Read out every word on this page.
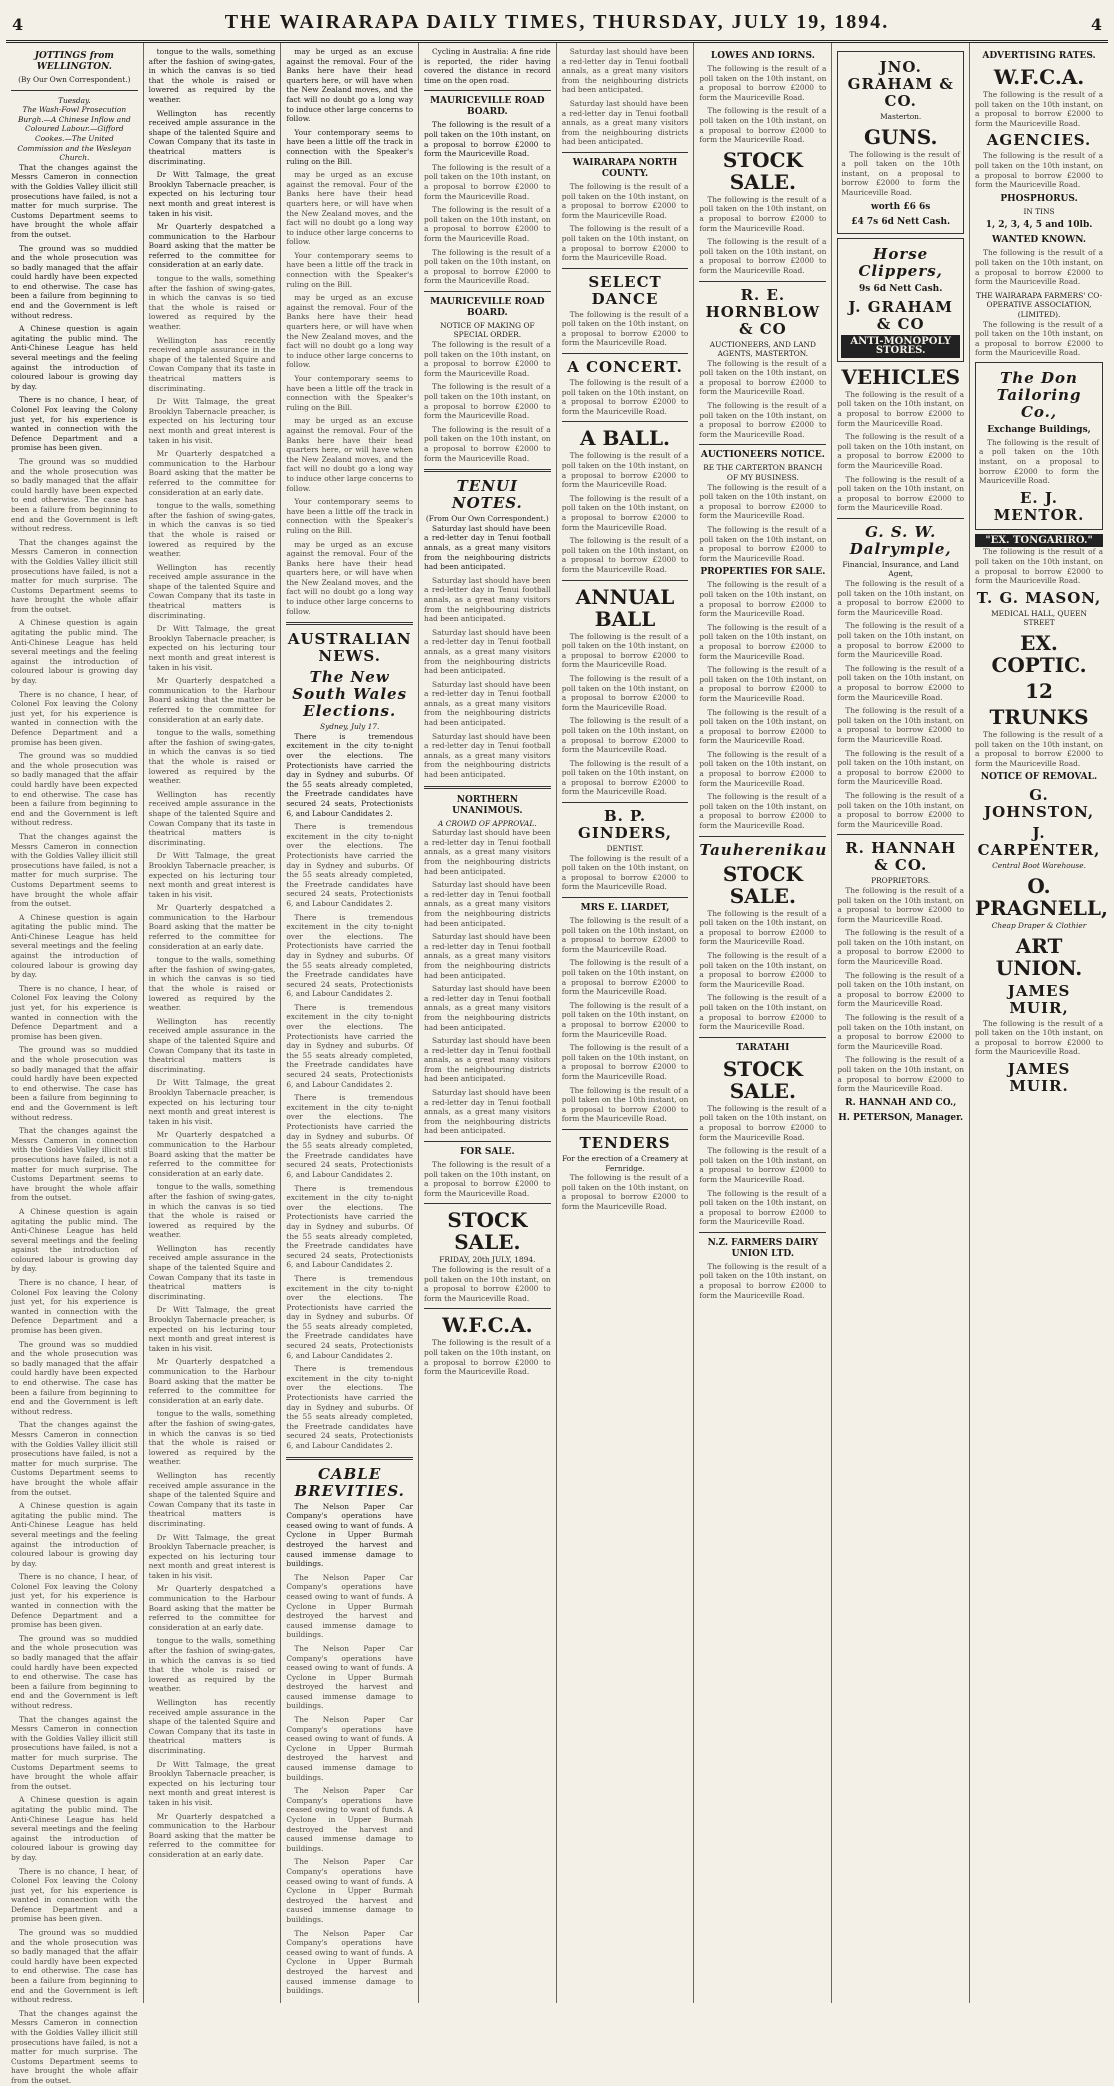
4	THE WAIRARAPA DAILY TIMES, THURSDAY, JULY 19, 1894.	4
JOTTINGS from WELLINGTON.
(By Our Own Correspondent.)
Tuesday.
The Wash-Fowl Prosecution Burgh.—A Chinese Inflow and Coloured Labour.—Gifford Cookes.—The United Commission and the Wesleyan Church.

That the changes against the Messrs Cameron in connection with the Goldies Valley illicit still prosecutions have failed, is not a matter for much surprise. The Customs Department seems to have brought the whole affair from the outset.

The ground was so muddied and the whole prosecution was so badly managed that the affair could hardly have been expected to end otherwise. The case has been a failure from beginning to end and the Government is left without redress.

A Chinese question is again agitating the public mind. The Anti-Chinese League has held several meetings and the feeling against the introduction of coloured labour is growing day by day.

There is no chance, I hear, of Colonel Fox leaving the Colony just yet, for his experience is wanted in connection with the Defence Department and a promise has been given.

The ground was so muddied and the whole prosecution was so badly managed that the affair could hardly have been expected to end otherwise. The case has been a failure from beginning to end and the Government is left without redress.

That the changes against the Messrs Cameron in connection with the Goldies Valley illicit still prosecutions have failed, is not a matter for much surprise. The Customs Department seems to have brought the whole affair from the outset.

A Chinese question is again agitating the public mind. The Anti-Chinese League has held several meetings and the feeling against the introduction of coloured labour is growing day by day.

There is no chance, I hear, of Colonel Fox leaving the Colony just yet, for his experience is wanted in connection with the Defence Department and a promise has been given.

The ground was so muddied and the whole prosecution was so badly managed that the affair could hardly have been expected to end otherwise. The case has been a failure from beginning to end and the Government is left without redress.

That the changes against the Messrs Cameron in connection with the Goldies Valley illicit still prosecutions have failed, is not a matter for much surprise. The Customs Department seems to have brought the whole affair from the outset.

A Chinese question is again agitating the public mind. The Anti-Chinese League has held several meetings and the feeling against the introduction of coloured labour is growing day by day.

There is no chance, I hear, of Colonel Fox leaving the Colony just yet, for his experience is wanted in connection with the Defence Department and a promise has been given.

The ground was so muddied and the whole prosecution was so badly managed that the affair could hardly have been expected to end otherwise. The case has been a failure from beginning to end and the Government is left without redress.

That the changes against the Messrs Cameron in connection with the Goldies Valley illicit still prosecutions have failed, is not a matter for much surprise. The Customs Department seems to have brought the whole affair from the outset.

A Chinese question is again agitating the public mind. The Anti-Chinese League has held several meetings and the feeling against the introduction of coloured labour is growing day by day.

There is no chance, I hear, of Colonel Fox leaving the Colony just yet, for his experience is wanted in connection with the Defence Department and a promise has been given.

The ground was so muddied and the whole prosecution was so badly managed that the affair could hardly have been expected to end otherwise. The case has been a failure from beginning to end and the Government is left without redress.

That the changes against the Messrs Cameron in connection with the Goldies Valley illicit still prosecutions have failed, is not a matter for much surprise. The Customs Department seems to have brought the whole affair from the outset.

A Chinese question is again agitating the public mind. The Anti-Chinese League has held several meetings and the feeling against the introduction of coloured labour is growing day by day.

There is no chance, I hear, of Colonel Fox leaving the Colony just yet, for his experience is wanted in connection with the Defence Department and a promise has been given.

The ground was so muddied and the whole prosecution was so badly managed that the affair could hardly have been expected to end otherwise. The case has been a failure from beginning to end and the Government is left without redress.

That the changes against the Messrs Cameron in connection with the Goldies Valley illicit still prosecutions have failed, is not a matter for much surprise. The Customs Department seems to have brought the whole affair from the outset.

A Chinese question is again agitating the public mind. The Anti-Chinese League has held several meetings and the feeling against the introduction of coloured labour is growing day by day.

There is no chance, I hear, of Colonel Fox leaving the Colony just yet, for his experience is wanted in connection with the Defence Department and a promise has been given.

The ground was so muddied and the whole prosecution was so badly managed that the affair could hardly have been expected to end otherwise. The case has been a failure from beginning to end and the Government is left without redress.

That the changes against the Messrs Cameron in connection with the Goldies Valley illicit still prosecutions have failed, is not a matter for much surprise. The Customs Department seems to have brought the whole affair from the outset.

tongue to the walls, something after the fashion of swing-gates, in which the canvas is so tied that the whole is raised or lowered as required by the weather.

Wellington has recently received ample assurance in the shape of the talented Squire and Cowan Company that its taste in theatrical matters is discriminating.

Dr Witt Talmage, the great Brooklyn Tabernacle preacher, is expected on his lecturing tour next month and great interest is taken in his visit.

Mr Quarterly despatched a communication to the Harbour Board asking that the matter be referred to the committee for consideration at an early date.

tongue to the walls, something after the fashion of swing-gates, in which the canvas is so tied that the whole is raised or lowered as required by the weather.

Wellington has recently received ample assurance in the shape of the talented Squire and Cowan Company that its taste in theatrical matters is discriminating.

Dr Witt Talmage, the great Brooklyn Tabernacle preacher, is expected on his lecturing tour next month and great interest is taken in his visit.

Mr Quarterly despatched a communication to the Harbour Board asking that the matter be referred to the committee for consideration at an early date.

tongue to the walls, something after the fashion of swing-gates, in which the canvas is so tied that the whole is raised or lowered as required by the weather.

Wellington has recently received ample assurance in the shape of the talented Squire and Cowan Company that its taste in theatrical matters is discriminating.

Dr Witt Talmage, the great Brooklyn Tabernacle preacher, is expected on his lecturing tour next month and great interest is taken in his visit.

Mr Quarterly despatched a communication to the Harbour Board asking that the matter be referred to the committee for consideration at an early date.

tongue to the walls, something after the fashion of swing-gates, in which the canvas is so tied that the whole is raised or lowered as required by the weather.

Wellington has recently received ample assurance in the shape of the talented Squire and Cowan Company that its taste in theatrical matters is discriminating.

Dr Witt Talmage, the great Brooklyn Tabernacle preacher, is expected on his lecturing tour next month and great interest is taken in his visit.

Mr Quarterly despatched a communication to the Harbour Board asking that the matter be referred to the committee for consideration at an early date.

tongue to the walls, something after the fashion of swing-gates, in which the canvas is so tied that the whole is raised or lowered as required by the weather.

Wellington has recently received ample assurance in the shape of the talented Squire and Cowan Company that its taste in theatrical matters is discriminating.

Dr Witt Talmage, the great Brooklyn Tabernacle preacher, is expected on his lecturing tour next month and great interest is taken in his visit.

Mr Quarterly despatched a communication to the Harbour Board asking that the matter be referred to the committee for consideration at an early date.

tongue to the walls, something after the fashion of swing-gates, in which the canvas is so tied that the whole is raised or lowered as required by the weather.

Wellington has recently received ample assurance in the shape of the talented Squire and Cowan Company that its taste in theatrical matters is discriminating.

Dr Witt Talmage, the great Brooklyn Tabernacle preacher, is expected on his lecturing tour next month and great interest is taken in his visit.

Mr Quarterly despatched a communication to the Harbour Board asking that the matter be referred to the committee for consideration at an early date.

tongue to the walls, something after the fashion of swing-gates, in which the canvas is so tied that the whole is raised or lowered as required by the weather.

Wellington has recently received ample assurance in the shape of the talented Squire and Cowan Company that its taste in theatrical matters is discriminating.

Dr Witt Talmage, the great Brooklyn Tabernacle preacher, is expected on his lecturing tour next month and great interest is taken in his visit.

Mr Quarterly despatched a communication to the Harbour Board asking that the matter be referred to the committee for consideration at an early date.

tongue to the walls, something after the fashion of swing-gates, in which the canvas is so tied that the whole is raised or lowered as required by the weather.

Wellington has recently received ample assurance in the shape of the talented Squire and Cowan Company that its taste in theatrical matters is discriminating.

Dr Witt Talmage, the great Brooklyn Tabernacle preacher, is expected on his lecturing tour next month and great interest is taken in his visit.

Mr Quarterly despatched a communication to the Harbour Board asking that the matter be referred to the committee for consideration at an early date.

may be urged as an excuse against the removal. Four of the Banks here have their head quarters here, or will have when the New Zealand moves, and the fact will no doubt go a long way to induce other large concerns to follow.

Your contemporary seems to have been a little off the track in connection with the Speaker's ruling on the Bill.

may be urged as an excuse against the removal. Four of the Banks here have their head quarters here, or will have when the New Zealand moves, and the fact will no doubt go a long way to induce other large concerns to follow.

Your contemporary seems to have been a little off the track in connection with the Speaker's ruling on the Bill.

may be urged as an excuse against the removal. Four of the Banks here have their head quarters here, or will have when the New Zealand moves, and the fact will no doubt go a long way to induce other large concerns to follow.

Your contemporary seems to have been a little off the track in connection with the Speaker's ruling on the Bill.

may be urged as an excuse against the removal. Four of the Banks here have their head quarters here, or will have when the New Zealand moves, and the fact will no doubt go a long way to induce other large concerns to follow.

Your contemporary seems to have been a little off the track in connection with the Speaker's ruling on the Bill.

may be urged as an excuse against the removal. Four of the Banks here have their head quarters here, or will have when the New Zealand moves, and the fact will no doubt go a long way to induce other large concerns to follow.

AUSTRALIAN NEWS.
The New South Wales Elections.
Sydney, July 17.

There is tremendous excitement in the city to-night over the elections. The Protectionists have carried the day in Sydney and suburbs. Of the 55 seats already completed, the Freetrade candidates have secured 24 seats, Protectionists 6, and Labour Candidates 2.

There is tremendous excitement in the city to-night over the elections. The Protectionists have carried the day in Sydney and suburbs. Of the 55 seats already completed, the Freetrade candidates have secured 24 seats, Protectionists 6, and Labour Candidates 2.

There is tremendous excitement in the city to-night over the elections. The Protectionists have carried the day in Sydney and suburbs. Of the 55 seats already completed, the Freetrade candidates have secured 24 seats, Protectionists 6, and Labour Candidates 2.

There is tremendous excitement in the city to-night over the elections. The Protectionists have carried the day in Sydney and suburbs. Of the 55 seats already completed, the Freetrade candidates have secured 24 seats, Protectionists 6, and Labour Candidates 2.

There is tremendous excitement in the city to-night over the elections. The Protectionists have carried the day in Sydney and suburbs. Of the 55 seats already completed, the Freetrade candidates have secured 24 seats, Protectionists 6, and Labour Candidates 2.

There is tremendous excitement in the city to-night over the elections. The Protectionists have carried the day in Sydney and suburbs. Of the 55 seats already completed, the Freetrade candidates have secured 24 seats, Protectionists 6, and Labour Candidates 2.

There is tremendous excitement in the city to-night over the elections. The Protectionists have carried the day in Sydney and suburbs. Of the 55 seats already completed, the Freetrade candidates have secured 24 seats, Protectionists 6, and Labour Candidates 2.

There is tremendous excitement in the city to-night over the elections. The Protectionists have carried the day in Sydney and suburbs. Of the 55 seats already completed, the Freetrade candidates have secured 24 seats, Protectionists 6, and Labour Candidates 2.

CABLE BREVITIES.

The Nelson Paper Car Company's operations have ceased owing to want of funds. A Cyclone in Upper Burmah destroyed the harvest and caused immense damage to buildings.

The Nelson Paper Car Company's operations have ceased owing to want of funds. A Cyclone in Upper Burmah destroyed the harvest and caused immense damage to buildings.

The Nelson Paper Car Company's operations have ceased owing to want of funds. A Cyclone in Upper Burmah destroyed the harvest and caused immense damage to buildings.

The Nelson Paper Car Company's operations have ceased owing to want of funds. A Cyclone in Upper Burmah destroyed the harvest and caused immense damage to buildings.

The Nelson Paper Car Company's operations have ceased owing to want of funds. A Cyclone in Upper Burmah destroyed the harvest and caused immense damage to buildings.

The Nelson Paper Car Company's operations have ceased owing to want of funds. A Cyclone in Upper Burmah destroyed the harvest and caused immense damage to buildings.

The Nelson Paper Car Company's operations have ceased owing to want of funds. A Cyclone in Upper Burmah destroyed the harvest and caused immense damage to buildings.

Cycling in Australia: A fine ride is reported, the rider having covered the distance in record time on the open road.

MAURICEVILLE ROAD BOARD.

The following is the result of a poll taken on the 10th instant, on a proposal to borrow £2000 to form the Mauriceville Road.

The following is the result of a poll taken on the 10th instant, on a proposal to borrow £2000 to form the Mauriceville Road.

The following is the result of a poll taken on the 10th instant, on a proposal to borrow £2000 to form the Mauriceville Road.

The following is the result of a poll taken on the 10th instant, on a proposal to borrow £2000 to form the Mauriceville Road.

MAURICEVILLE ROAD BOARD.
NOTICE OF MAKING OF SPECIAL ORDER.

The following is the result of a poll taken on the 10th instant, on a proposal to borrow £2000 to form the Mauriceville Road.

The following is the result of a poll taken on the 10th instant, on a proposal to borrow £2000 to form the Mauriceville Road.

The following is the result of a poll taken on the 10th instant, on a proposal to borrow £2000 to form the Mauriceville Road.

TENUI NOTES.
(From Our Own Correspondent.)

Saturday last should have been a red-letter day in Tenui football annals, as a great many visitors from the neighbouring districts had been anticipated.

Saturday last should have been a red-letter day in Tenui football annals, as a great many visitors from the neighbouring districts had been anticipated.

Saturday last should have been a red-letter day in Tenui football annals, as a great many visitors from the neighbouring districts had been anticipated.

Saturday last should have been a red-letter day in Tenui football annals, as a great many visitors from the neighbouring districts had been anticipated.

Saturday last should have been a red-letter day in Tenui football annals, as a great many visitors from the neighbouring districts had been anticipated.

NORTHERN UNANIMOUS.
A CROWD OF APPROVAL.

Saturday last should have been a red-letter day in Tenui football annals, as a great many visitors from the neighbouring districts had been anticipated.

Saturday last should have been a red-letter day in Tenui football annals, as a great many visitors from the neighbouring districts had been anticipated.

Saturday last should have been a red-letter day in Tenui football annals, as a great many visitors from the neighbouring districts had been anticipated.

Saturday last should have been a red-letter day in Tenui football annals, as a great many visitors from the neighbouring districts had been anticipated.

Saturday last should have been a red-letter day in Tenui football annals, as a great many visitors from the neighbouring districts had been anticipated.

Saturday last should have been a red-letter day in Tenui football annals, as a great many visitors from the neighbouring districts had been anticipated.

FOR SALE.

The following is the result of a poll taken on the 10th instant, on a proposal to borrow £2000 to form the Mauriceville Road.

STOCK SALE.
FRIDAY, 20th JULY, 1894.

The following is the result of a poll taken on the 10th instant, on a proposal to borrow £2000 to form the Mauriceville Road.

W.F.C.A.

The following is the result of a poll taken on the 10th instant, on a proposal to borrow £2000 to form the Mauriceville Road.

Saturday last should have been a red-letter day in Tenui football annals, as a great many visitors from the neighbouring districts had been anticipated.

Saturday last should have been a red-letter day in Tenui football annals, as a great many visitors from the neighbouring districts had been anticipated.

WAIRARAPA NORTH COUNTY.

The following is the result of a poll taken on the 10th instant, on a proposal to borrow £2000 to form the Mauriceville Road.

The following is the result of a poll taken on the 10th instant, on a proposal to borrow £2000 to form the Mauriceville Road.

SELECT DANCE

The following is the result of a poll taken on the 10th instant, on a proposal to borrow £2000 to form the Mauriceville Road.

A CONCERT.

The following is the result of a poll taken on the 10th instant, on a proposal to borrow £2000 to form the Mauriceville Road.

A BALL.

The following is the result of a poll taken on the 10th instant, on a proposal to borrow £2000 to form the Mauriceville Road.

The following is the result of a poll taken on the 10th instant, on a proposal to borrow £2000 to form the Mauriceville Road.

The following is the result of a poll taken on the 10th instant, on a proposal to borrow £2000 to form the Mauriceville Road.

ANNUAL BALL

The following is the result of a poll taken on the 10th instant, on a proposal to borrow £2000 to form the Mauriceville Road.

The following is the result of a poll taken on the 10th instant, on a proposal to borrow £2000 to form the Mauriceville Road.

The following is the result of a poll taken on the 10th instant, on a proposal to borrow £2000 to form the Mauriceville Road.

The following is the result of a poll taken on the 10th instant, on a proposal to borrow £2000 to form the Mauriceville Road.

B. P. GINDERS,
DENTIST.

The following is the result of a poll taken on the 10th instant, on a proposal to borrow £2000 to form the Mauriceville Road.

MRS E. LIARDET,

The following is the result of a poll taken on the 10th instant, on a proposal to borrow £2000 to form the Mauriceville Road.

The following is the result of a poll taken on the 10th instant, on a proposal to borrow £2000 to form the Mauriceville Road.

The following is the result of a poll taken on the 10th instant, on a proposal to borrow £2000 to form the Mauriceville Road.

The following is the result of a poll taken on the 10th instant, on a proposal to borrow £2000 to form the Mauriceville Road.

The following is the result of a poll taken on the 10th instant, on a proposal to borrow £2000 to form the Mauriceville Road.

TENDERS
For the erection of a Creamery at Fernridge.

The following is the result of a poll taken on the 10th instant, on a proposal to borrow £2000 to form the Mauriceville Road.

LOWES AND IORNS.

The following is the result of a poll taken on the 10th instant, on a proposal to borrow £2000 to form the Mauriceville Road.

The following is the result of a poll taken on the 10th instant, on a proposal to borrow £2000 to form the Mauriceville Road.

STOCK SALE.

The following is the result of a poll taken on the 10th instant, on a proposal to borrow £2000 to form the Mauriceville Road.

The following is the result of a poll taken on the 10th instant, on a proposal to borrow £2000 to form the Mauriceville Road.

R. E. HORNBLOW & CO
AUCTIONEERS, AND LAND AGENTS, MASTERTON.

The following is the result of a poll taken on the 10th instant, on a proposal to borrow £2000 to form the Mauriceville Road.

The following is the result of a poll taken on the 10th instant, on a proposal to borrow £2000 to form the Mauriceville Road.

AUCTIONEERS NOTICE.
RE THE CARTERTON BRANCH OF MY BUSINESS.

The following is the result of a poll taken on the 10th instant, on a proposal to borrow £2000 to form the Mauriceville Road.

The following is the result of a poll taken on the 10th instant, on a proposal to borrow £2000 to form the Mauriceville Road.

PROPERTIES FOR SALE.

The following is the result of a poll taken on the 10th instant, on a proposal to borrow £2000 to form the Mauriceville Road.

The following is the result of a poll taken on the 10th instant, on a proposal to borrow £2000 to form the Mauriceville Road.

The following is the result of a poll taken on the 10th instant, on a proposal to borrow £2000 to form the Mauriceville Road.

The following is the result of a poll taken on the 10th instant, on a proposal to borrow £2000 to form the Mauriceville Road.

The following is the result of a poll taken on the 10th instant, on a proposal to borrow £2000 to form the Mauriceville Road.

The following is the result of a poll taken on the 10th instant, on a proposal to borrow £2000 to form the Mauriceville Road.

Tauherenikau
STOCK SALE.

The following is the result of a poll taken on the 10th instant, on a proposal to borrow £2000 to form the Mauriceville Road.

The following is the result of a poll taken on the 10th instant, on a proposal to borrow £2000 to form the Mauriceville Road.

The following is the result of a poll taken on the 10th instant, on a proposal to borrow £2000 to form the Mauriceville Road.

TARATAHI
STOCK SALE.

The following is the result of a poll taken on the 10th instant, on a proposal to borrow £2000 to form the Mauriceville Road.

The following is the result of a poll taken on the 10th instant, on a proposal to borrow £2000 to form the Mauriceville Road.

The following is the result of a poll taken on the 10th instant, on a proposal to borrow £2000 to form the Mauriceville Road.

N.Z. FARMERS DAIRY UNION LTD.

The following is the result of a poll taken on the 10th instant, on a proposal to borrow £2000 to form the Mauriceville Road.

JNO. GRAHAM & CO.
Masterton.
GUNS.

The following is the result of a poll taken on the 10th instant, on a proposal to borrow £2000 to form the Mauriceville Road.

worth £6 6s
£4 7s 6d Nett Cash.
Horse Clippers,
9s 6d Nett Cash.
J. GRAHAM & CO
ANTI-MONOPOLY STORES.
VEHICLES

The following is the result of a poll taken on the 10th instant, on a proposal to borrow £2000 to form the Mauriceville Road.

The following is the result of a poll taken on the 10th instant, on a proposal to borrow £2000 to form the Mauriceville Road.

The following is the result of a poll taken on the 10th instant, on a proposal to borrow £2000 to form the Mauriceville Road.

G. S. W. Dalrymple,
Financial, Insurance, and Land Agent,

The following is the result of a poll taken on the 10th instant, on a proposal to borrow £2000 to form the Mauriceville Road.

The following is the result of a poll taken on the 10th instant, on a proposal to borrow £2000 to form the Mauriceville Road.

The following is the result of a poll taken on the 10th instant, on a proposal to borrow £2000 to form the Mauriceville Road.

The following is the result of a poll taken on the 10th instant, on a proposal to borrow £2000 to form the Mauriceville Road.

The following is the result of a poll taken on the 10th instant, on a proposal to borrow £2000 to form the Mauriceville Road.

The following is the result of a poll taken on the 10th instant, on a proposal to borrow £2000 to form the Mauriceville Road.

R. HANNAH & CO.
PROPRIETORS.

The following is the result of a poll taken on the 10th instant, on a proposal to borrow £2000 to form the Mauriceville Road.

The following is the result of a poll taken on the 10th instant, on a proposal to borrow £2000 to form the Mauriceville Road.

The following is the result of a poll taken on the 10th instant, on a proposal to borrow £2000 to form the Mauriceville Road.

The following is the result of a poll taken on the 10th instant, on a proposal to borrow £2000 to form the Mauriceville Road.

The following is the result of a poll taken on the 10th instant, on a proposal to borrow £2000 to form the Mauriceville Road.

R. HANNAH AND CO.,
H. PETERSON, Manager.
ADVERTISING RATES.
W.F.C.A.

The following is the result of a poll taken on the 10th instant, on a proposal to borrow £2000 to form the Mauriceville Road.

AGENCIES.

The following is the result of a poll taken on the 10th instant, on a proposal to borrow £2000 to form the Mauriceville Road.

PHOSPHORUS.
IN TINS
1, 2, 3, 4, 5 and 10lb.
WANTED KNOWN.

The following is the result of a poll taken on the 10th instant, on a proposal to borrow £2000 to form the Mauriceville Road.

THE WAIRARAPA FARMERS' CO-OPERATIVE ASSOCIATION, (LIMITED).

The following is the result of a poll taken on the 10th instant, on a proposal to borrow £2000 to form the Mauriceville Road.

The Don Tailoring Co.,
Exchange Buildings,

The following is the result of a poll taken on the 10th instant, on a proposal to borrow £2000 to form the Mauriceville Road.

E. J. MENTOR.
"EX. TONGARIRO."

The following is the result of a poll taken on the 10th instant, on a proposal to borrow £2000 to form the Mauriceville Road.

T. G. MASON,
MEDICAL HALL, QUEEN STREET
EX. COPTIC.
12
TRUNKS

The following is the result of a poll taken on the 10th instant, on a proposal to borrow £2000 to form the Mauriceville Road.

NOTICE OF REMOVAL.
G. JOHNSTON,
J. CARPENTER,
Central Boot Warehouse.
O. PRAGNELL,
Cheap Draper & Clothier
ART UNION.
JAMES MUIR,

The following is the result of a poll taken on the 10th instant, on a proposal to borrow £2000 to form the Mauriceville Road.

JAMES MUIR.
